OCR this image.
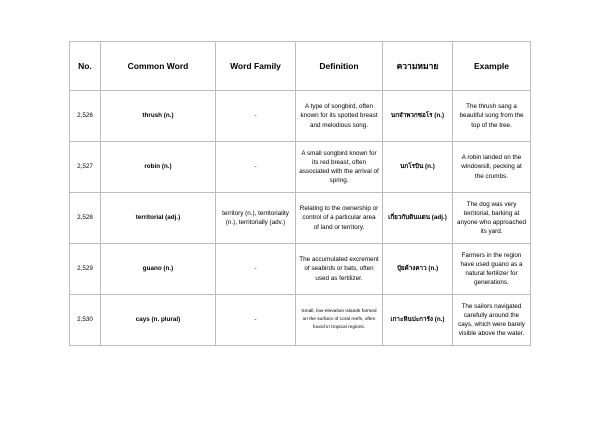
No.	Common Word	Word Family	Definition	ความหมาย	Example
2,526	thrush (n.)	-	A type of songbird, often known for its spotted breast and melodious song.	นกจำพวกซอโร (n.)	The thrush sang a beautiful song from the top of the tree.
2,527	robin (n.)	-	A small songbird known for its red breast, often associated with the arrival of spring.	นกโรบิน (n.)	A robin landed on the windowsill, pecking at the crumbs.
2,528	territorial (adj.)	territory (n.), territoriality (n.), territorially (adv.)	Relating to the ownership or control of a particular area of land or territory.	เกี่ยวกับดินแดน (adj.)	The dog was very territorial, barking at anyone who approached its yard.
2,529	guano (n.)	-	The accumulated excrement of seabirds or bats, often used as fertilizer.	ปุ๋ยค้างคาว (n.)	Farmers in the region have used guano as a natural fertilizer for generations.
2,530	cays (n. plural)	-	Small, low-elevation islands formed on the surface of coral reefs, often found in tropical regions.	เกาะหินปะการัง (n.)	The sailors navigated carefully around the cays, which were barely visible above the water.
